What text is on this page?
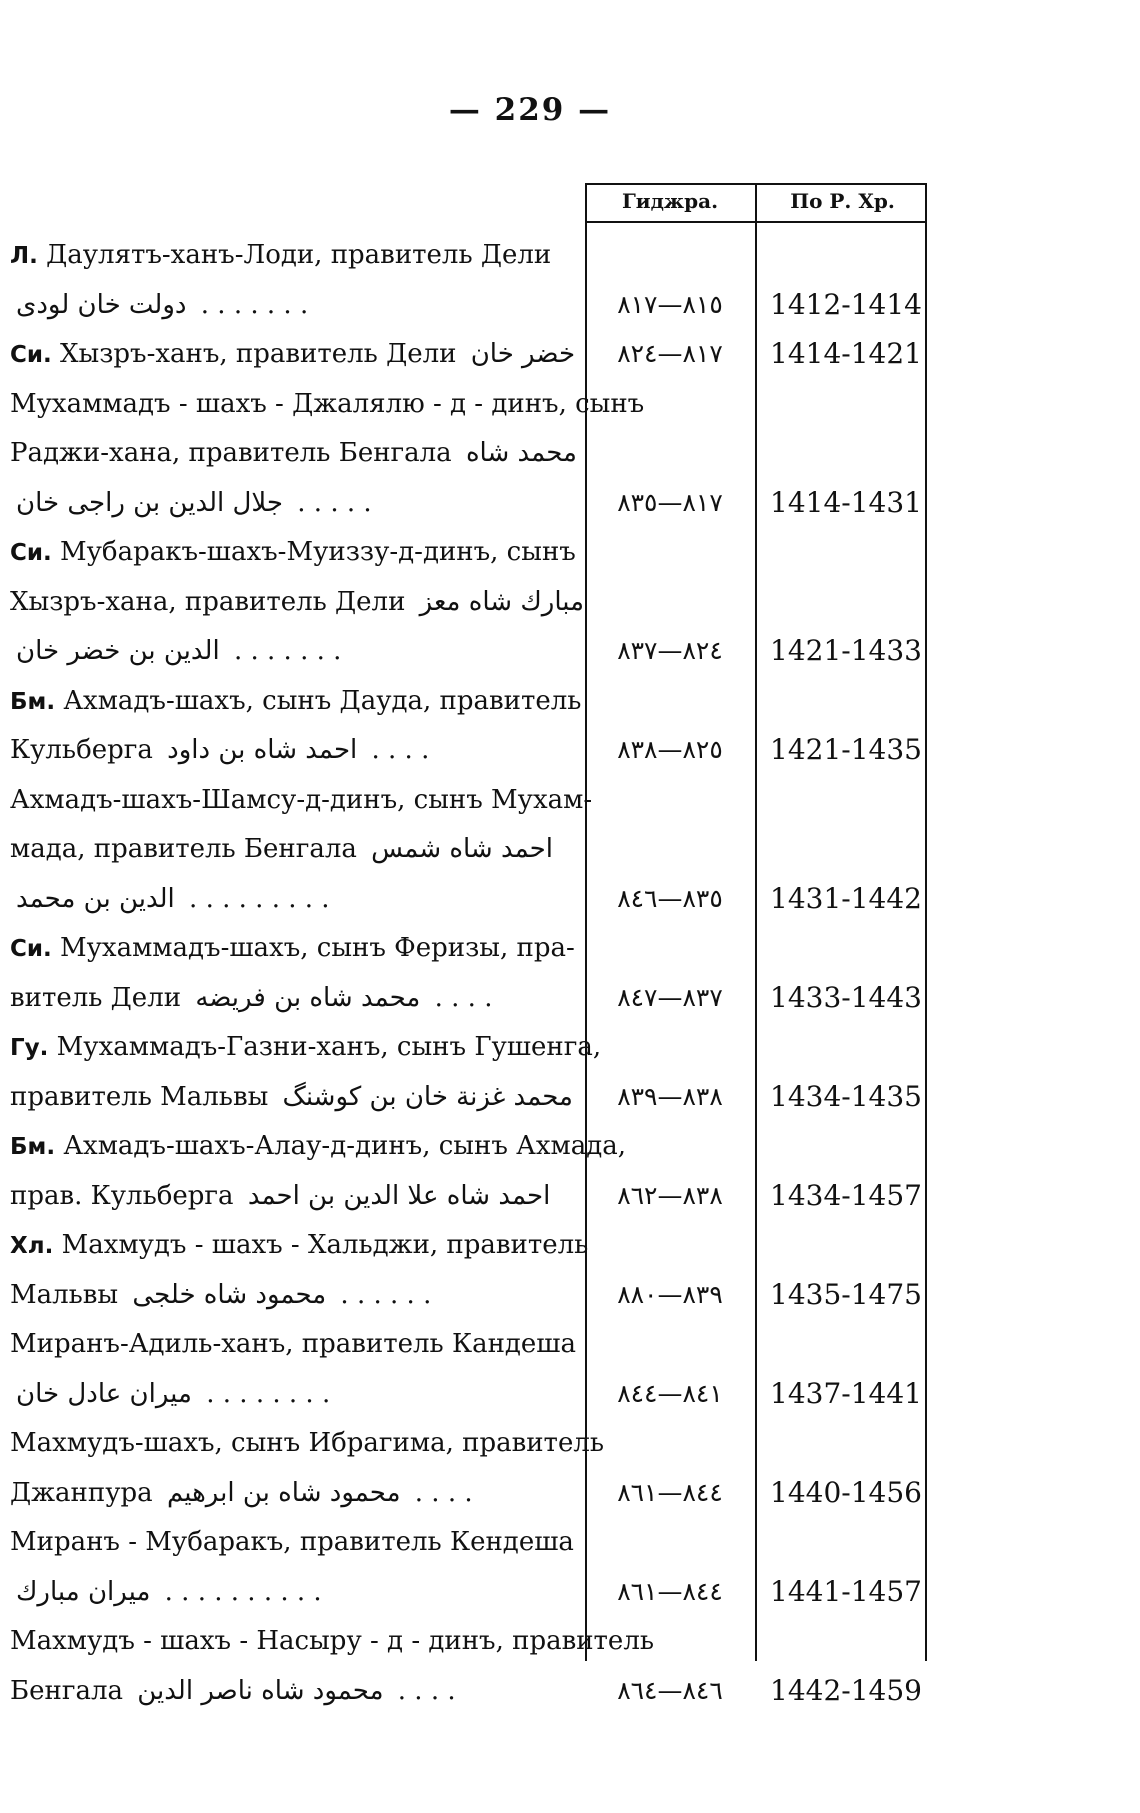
— 229 —
Гиджра.	По Р. Хр.
Л. Даулятъ-ханъ-Лоди, правитель Дели
دولت خان لودی . . . . . . .	٨١٥—٨١٧	1412-1414
Си. Хызръ-ханъ, правитель Дели خضر خان	٨١٧—٨٢٤	1414-1421
Мухаммадъ - шахъ - Джалялю - д - динъ, сынъ
Раджи-хана, правитель Бенгала محمد شاه
جلال الدين بن راجی خان . . . . .	٨١٧—٨٣٥	1414-1431
Си. Мубаракъ-шахъ-Муиззу-д-динъ, сынъ
Хызръ-хана, правитель Дели مبارك شاه معز
الدين بن خضر خان . . . . . . .	٨٢٤—٨٣٧	1421-1433
Бм. Ахмадъ-шахъ, сынъ Дауда, правитель
Кульберга احمد شاه بن داود . . . .	٨٢٥—٨٣٨	1421-1435
Ахмадъ-шахъ-Шамсу-д-динъ, сынъ Мухам-
мада, правитель Бенгала احمد شاه شمس
الدين بن محمد . . . . . . . . .	٨٣٥—٨٤٦	1431-1442
Си. Мухаммадъ-шахъ, сынъ Феризы, пра-
витель Дели محمد شاه بن فریضه . . . .	٨٣٧—٨٤٧	1433-1443
Гу. Мухаммадъ-Газни-ханъ, сынъ Гушенга,
правитель Мальвы محمد غزنة خان بن کوشنگ	٨٣٨—٨٣٩	1434-1435
Бм. Ахмадъ-шахъ-Алау-д-динъ, сынъ Ахмада,
прав. Кульберга احمد شاه علا الدين بن احمد	٨٣٨—٨٦٢	1434-1457
Хл. Махмудъ - шахъ - Хальджи, правитель
Мальвы محمود شاه خلجی . . . . . .	٨٣٩—٨٨٠	1435-1475
Миранъ-Адиль-ханъ, правитель Кандеша
میران عادل خان . . . . . . . .	٨٤١—٨٤٤	1437-1441
Махмудъ-шахъ, сынъ Ибрагима, правитель
Джанпура محمود شاه بن ابرهيم . . . .	٨٤٤—٨٦١	1440-1456
Миранъ - Мубаракъ, правитель Кендеша
میران مبارك . . . . . . . . . .	٨٤٤—٨٦١	1441-1457
Махмудъ - шахъ - Насыру - д - динъ, правитель
Бенгала محمود شاه ناصر الدين . . . .	٨٤٦—٨٦٤	1442-1459
